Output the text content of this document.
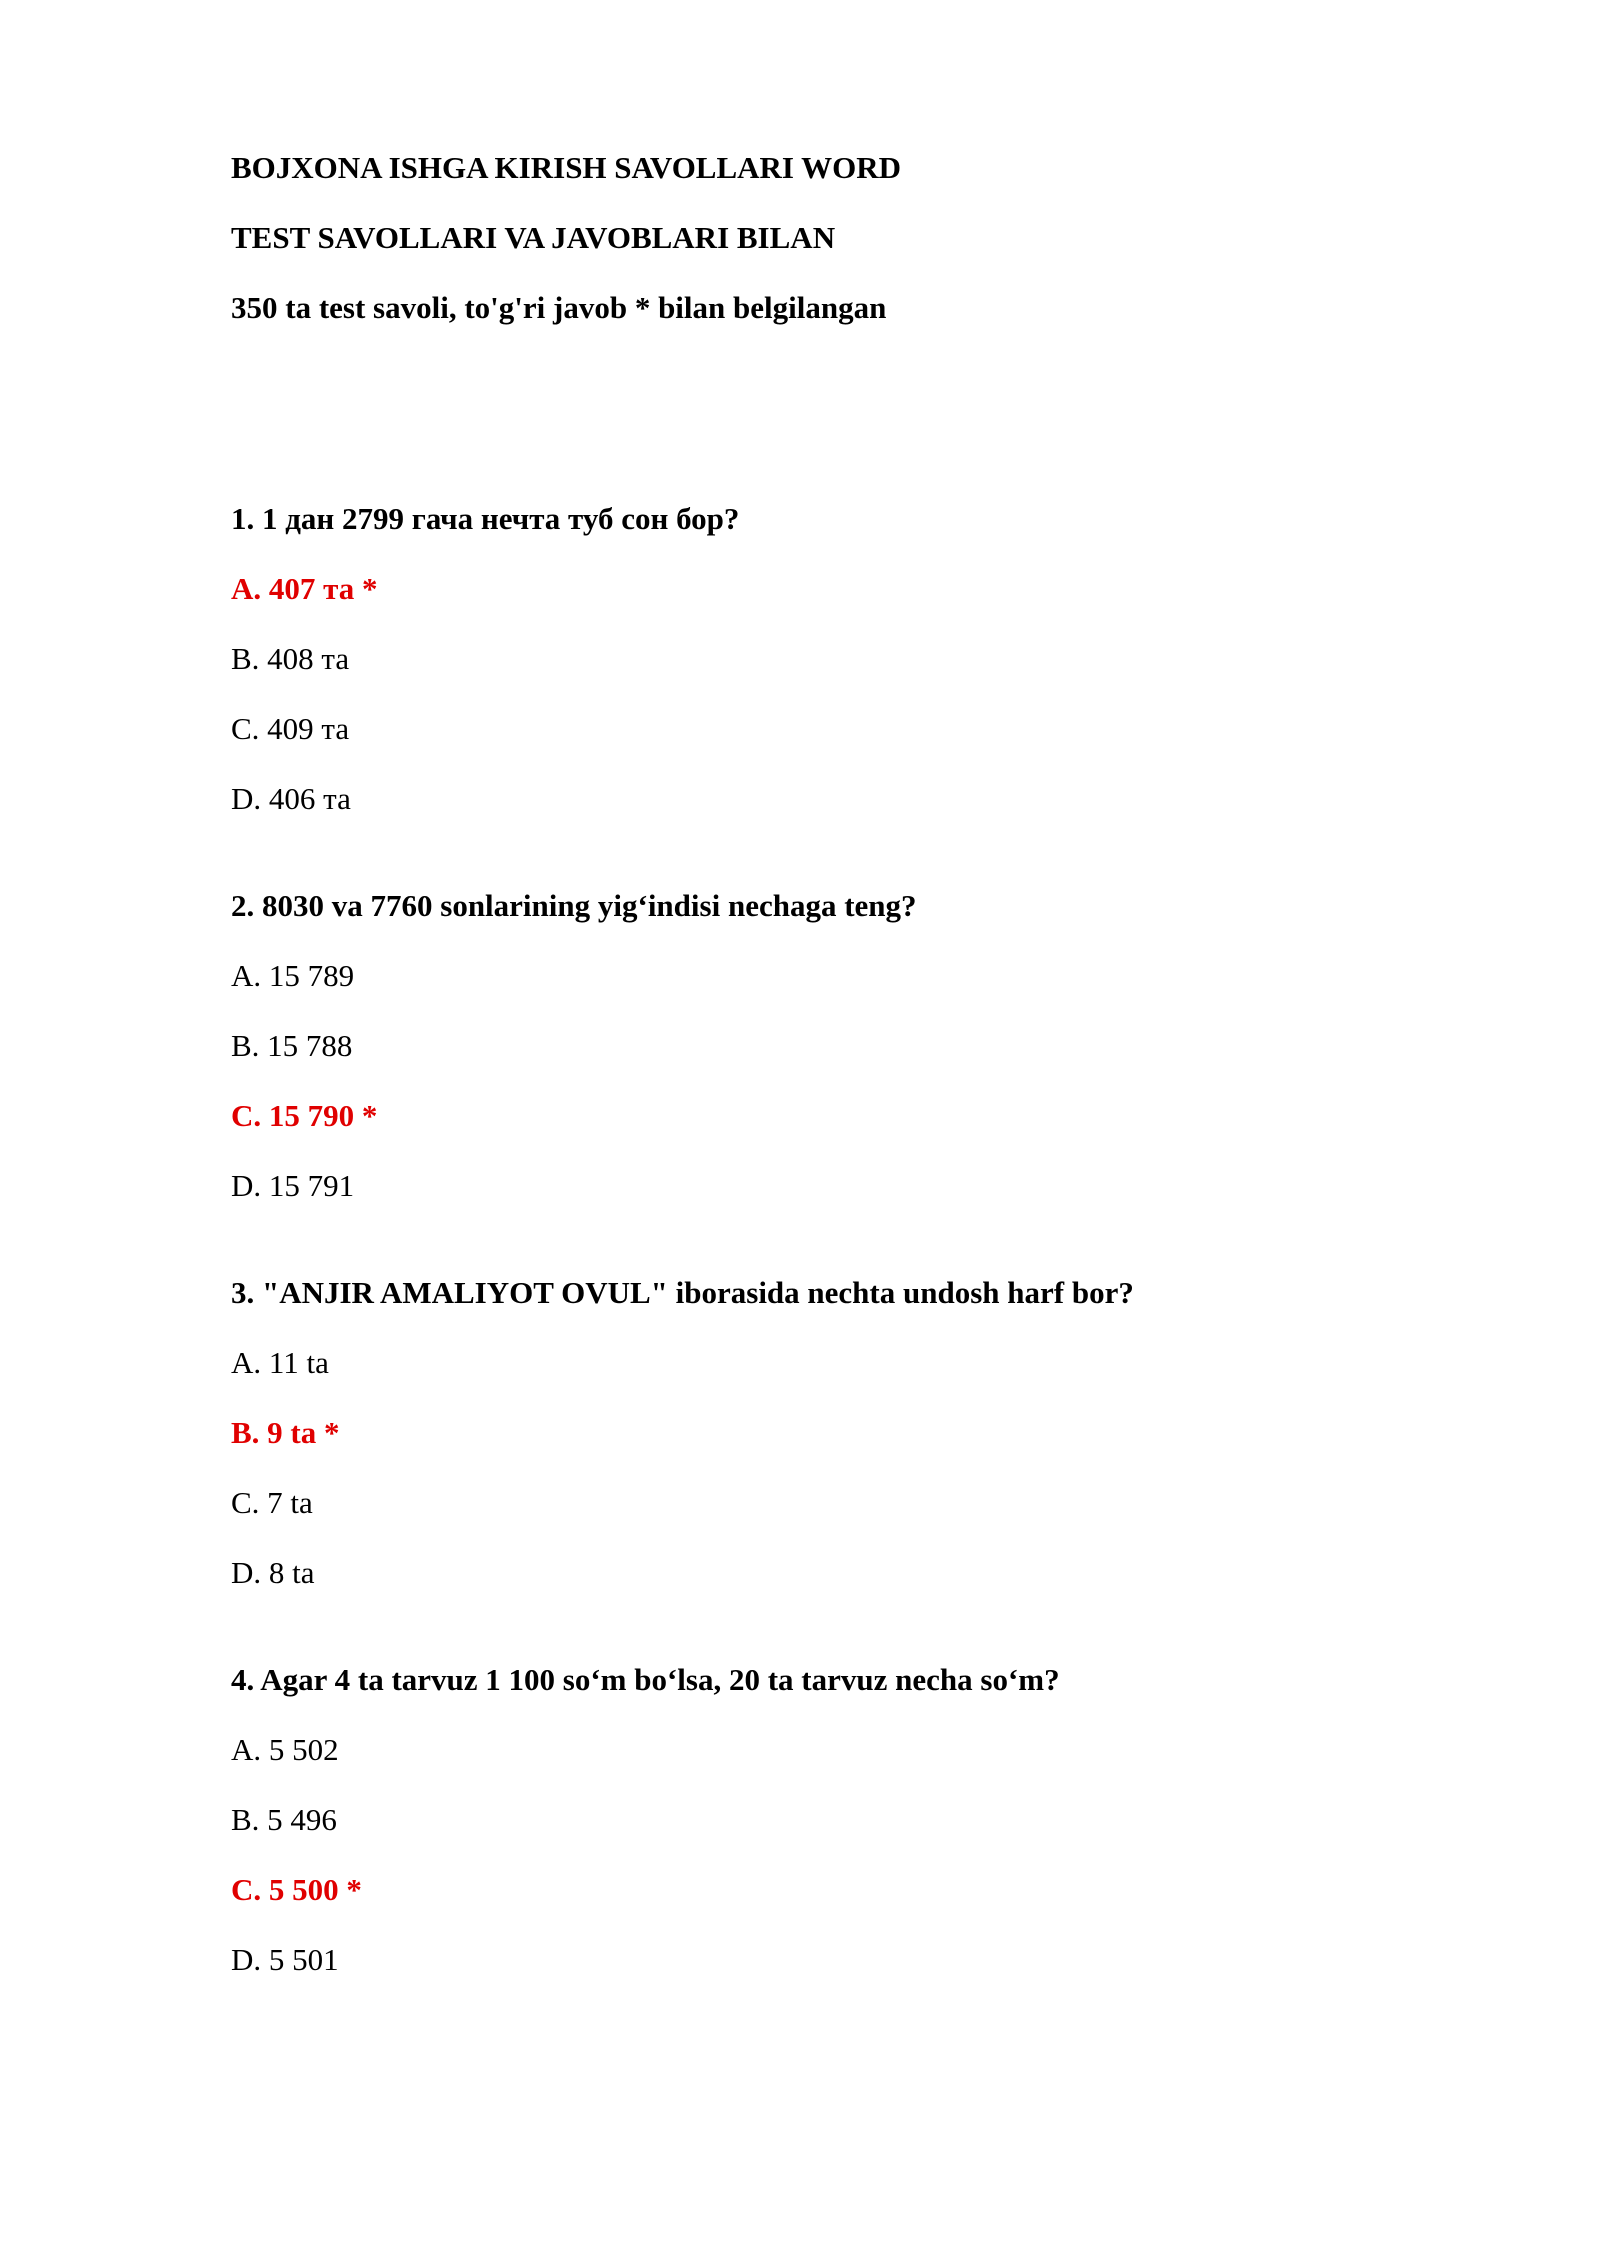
BOJXONA ISHGA KIRISH SAVOLLARI WORD
TEST SAVOLLARI VA JAVOBLARI BILAN
350 ta test savoli, to'g'ri javob * bilan belgilangan
1. 1 дан 2799 гача нечта туб сон бор?
A. 407 та *
B. 408 та
C. 409 та
D. 406 та
2. 8030 va 7760 sonlarining yig‘indisi nechaga teng?
A. 15 789
B. 15 788
C. 15 790 *
D. 15 791
3. "ANJIR AMALIYOT OVUL" iborasida nechta undosh harf bor?
A. 11 ta
B. 9 ta *
C. 7 ta
D. 8 ta
4. Agar 4 ta tarvuz 1 100 so‘m bo‘lsa, 20 ta tarvuz necha so‘m?
A. 5 502
B. 5 496
C. 5 500 *
D. 5 501
